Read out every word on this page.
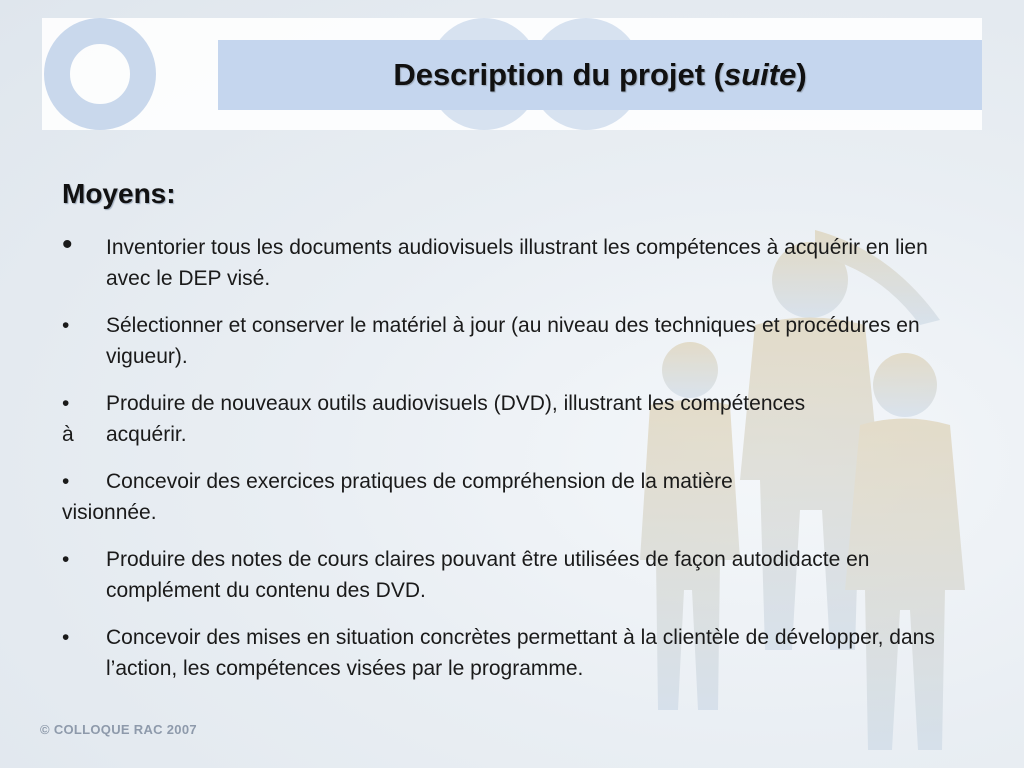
Description du projet (suite)
Moyens:
•	Inventorier tous les documents audiovisuels illustrant les compétences à acquérir en lien avec le DEP visé.
•	Sélectionner et conserver le matériel à jour (au niveau des techniques et procédures en vigueur).
• Produire de nouveaux outils audiovisuels (DVD), illustrant les compétences
à acquérir.
• Concevoir des exercices pratiques de compréhension de la matière
visionnée.
•	Produire des notes de cours claires pouvant être utilisées de façon autodidacte en complément du contenu des DVD.
•	Concevoir des mises en situation concrètes permettant à la clientèle de développer, dans l’action, les compétences visées par le programme.
© COLLOQUE RAC 2007
